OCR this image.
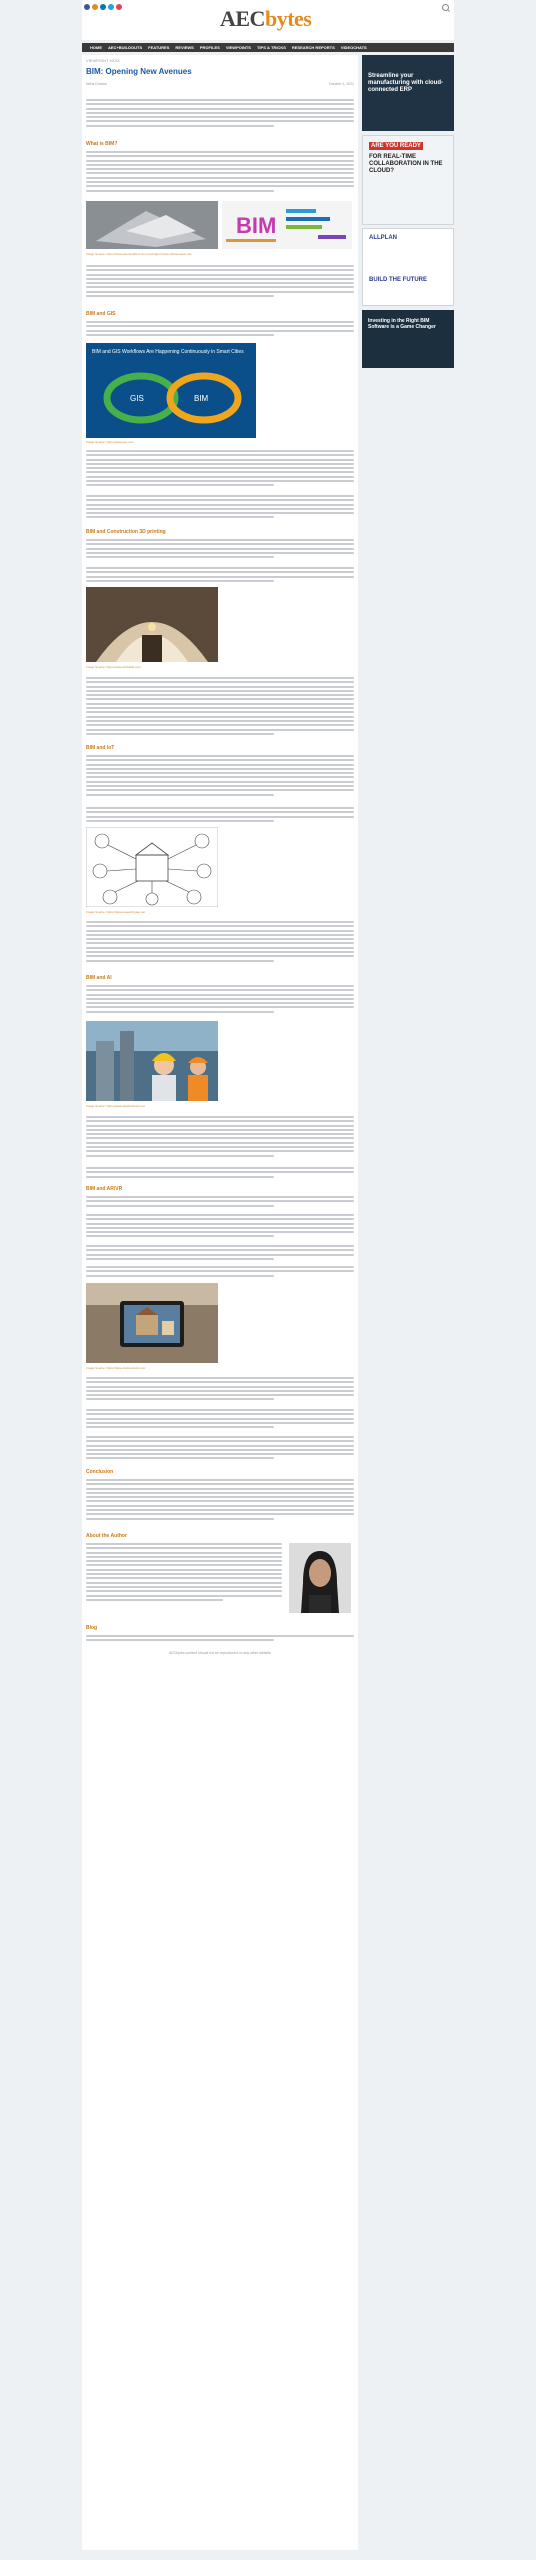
AECbytes
HOME AEC+BUILDOUTS FEATURES REVIEWS PROFILES VIEWPOINTS TIPS & TRICKS RESEARCH REPORTS VIDEOCHATS
VIEWPOINT #XXX
BIM: Opening New Avenues
Neha Doreah	October 1, 2021
What is BIM?
BIM
Image Source: https://www.sciencedirect.com and https://www.shutterstock.com
BIM and GIS
BIM and GIS Workflows Are Happening Continuously in Smart Cities
GIS	BIM
Image Source: https://www.esri.com
BIM and Construction 3D printing
Image Source: https://www.archdaily.com
BIM and IoT
Image Source: https://www.researchgate.net
BIM and AI
Image Source: https://www.shutterstock.com
BIM and AR/VR
Image Source: https://www.shutterstock.com
Conclusion
About the Author
Blog
AECbytes content should not be reproduced on any other website
Streamline your manufacturing with cloud-connected ERP
ARE YOU READY
FOR REAL-TIME COLLABORATION IN THE CLOUD?
ALLPLAN
BUILD THE FUTURE
Investing in the Right BIM Software is a Game Changer
